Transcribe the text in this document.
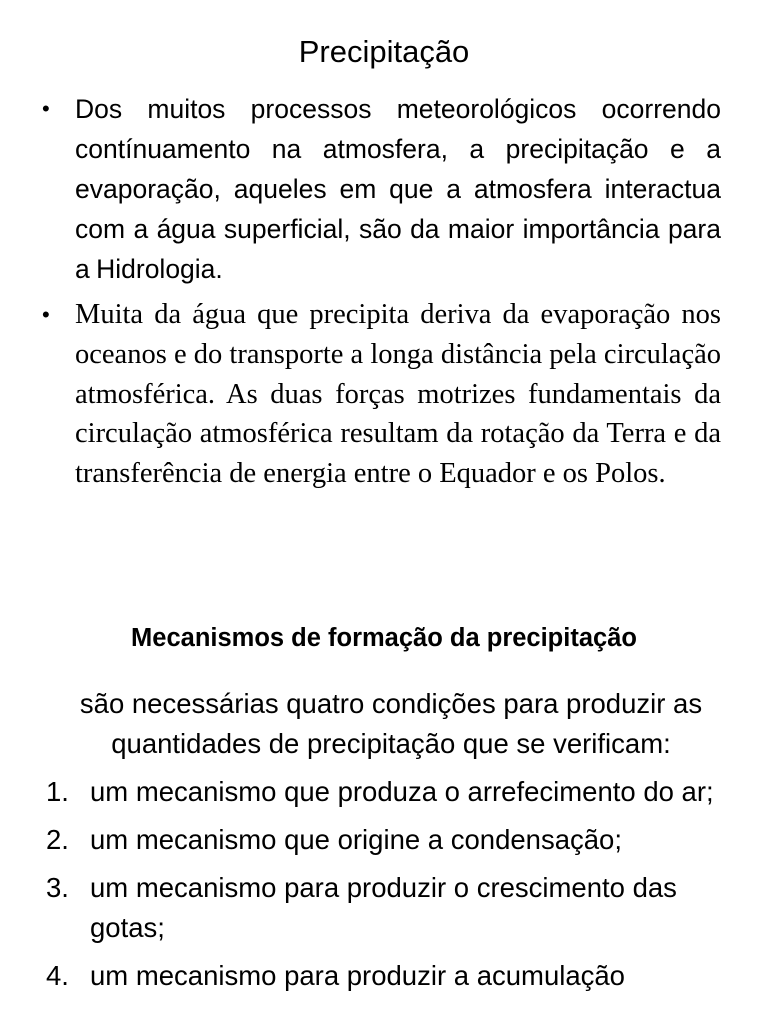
Precipitação
• Dos muitos processos meteorológicos ocorrendo contínuamento na atmosfera, a precipitação e a evaporação, aqueles em que a atmosfera interactua com a água superficial, são da maior importância para a Hidrologia.
• Muita da água que precipita deriva da evaporação nos oceanos e do transporte a longa distância pela circulação atmosférica. As duas forças motrizes fundamentais da circulação atmosférica resultam da rotação da Terra e da transferência de energia entre o Equador e os Polos.
Mecanismos de formação da precipitação

são necessárias quatro condições para produzir as quantidades de precipitação que se verificam:

1. um mecanismo que produza o arrefecimento do ar;
2. um mecanismo que origine a condensação;
3. um mecanismo para produzir o crescimento das gotas;
4. um mecanismo para produzir a acumulação
